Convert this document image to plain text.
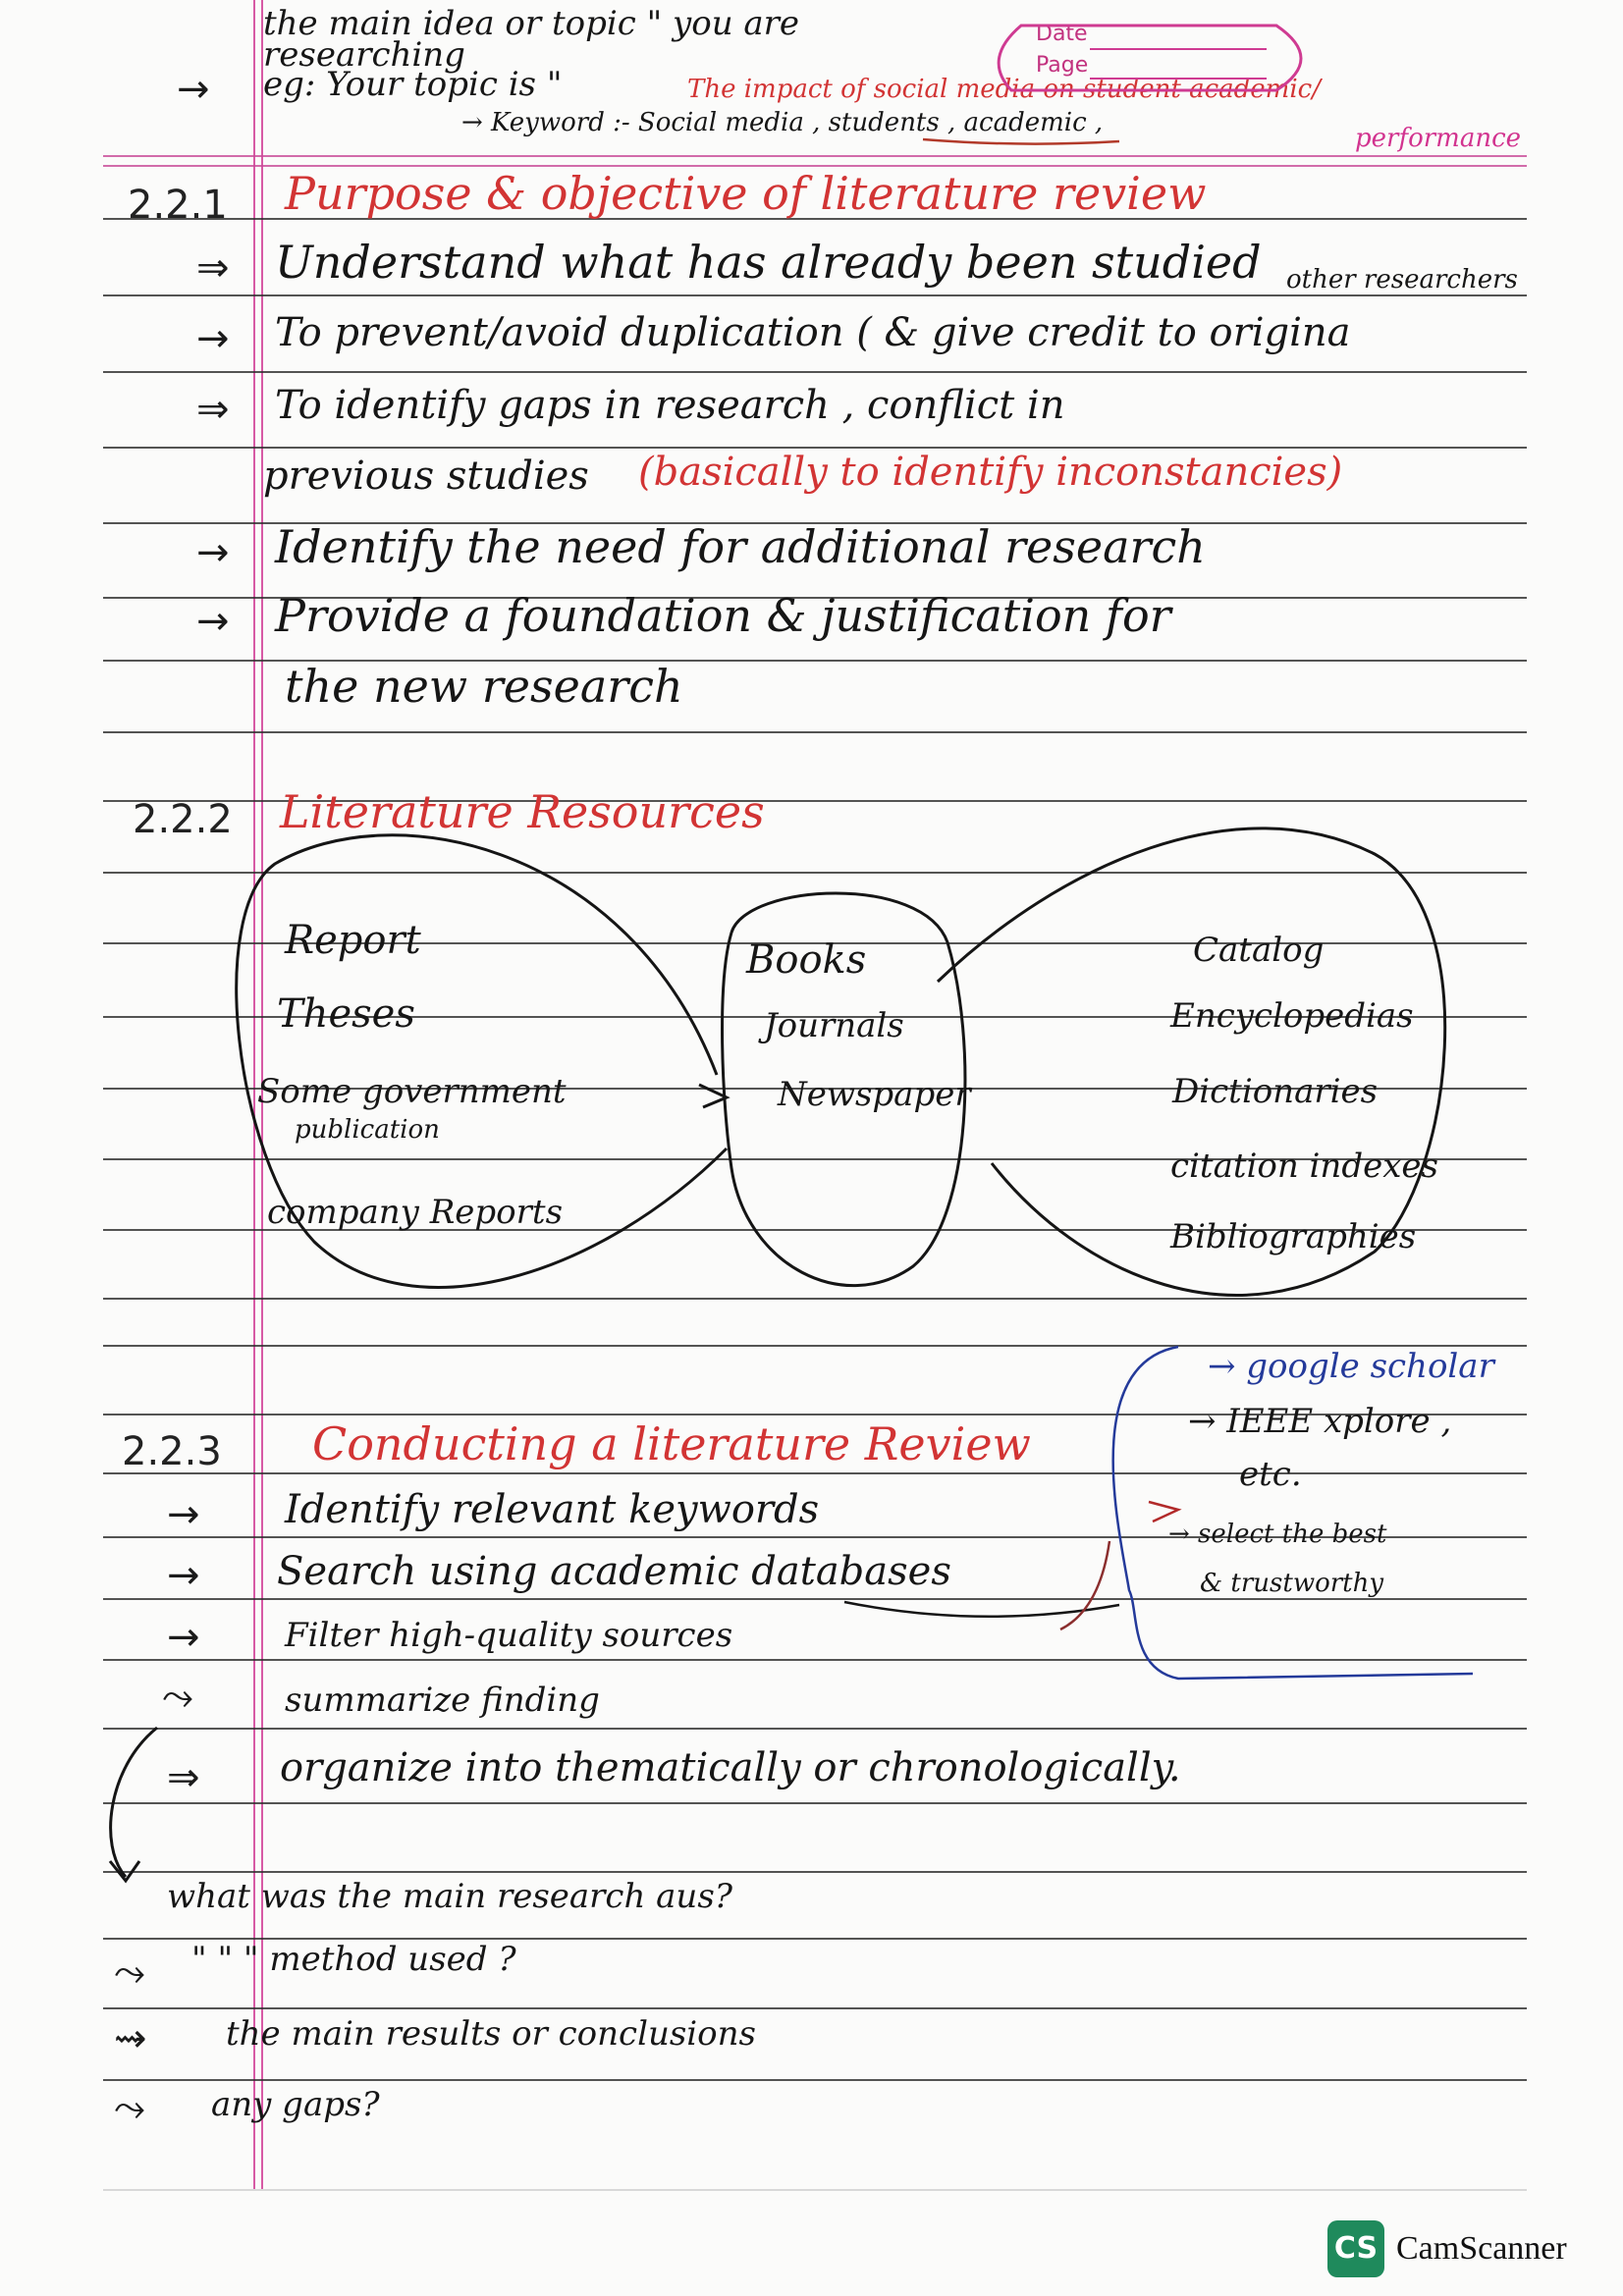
the main idea or topic " you are
researching
→ eg: Your topic is "	The impact of social media on student academic/
→ Keyword :- Social media , students , academic ,
performance
Date
Page
2.2.1 Purpose & objective of literature review
⇒ Understand what has already been studied other researchers
→ To prevent/avoid duplication ( & give credit to origina
⇒ To identify gaps in research , conflict in
previous studies (basically to identify inconstancies)
→ Identify the need for additional research
→ Provide a foundation & justification for
the new research
2.2.2 Literature Resources
Report
Theses
Some government
publication
company Reports
Books
Journals
Newspaper
Catalog
Encyclopedias
Dictionaries
citation indexes
Bibliographies
2.2.3 Conducting a literature Review
→ google scholar
→ IEEE xplore ,
etc.
→ select the best
& trustworthy
→ Identify relevant keywords
→ Search using academic databases
→	Filter high-quality sources
⤳	summarize finding
⇒ organize into thematically or chronologically.
what was the main research aus?
⤳ " " " method used ?
⇝ the main results or conclusions
⤳ any gaps?
CS CamScanner
